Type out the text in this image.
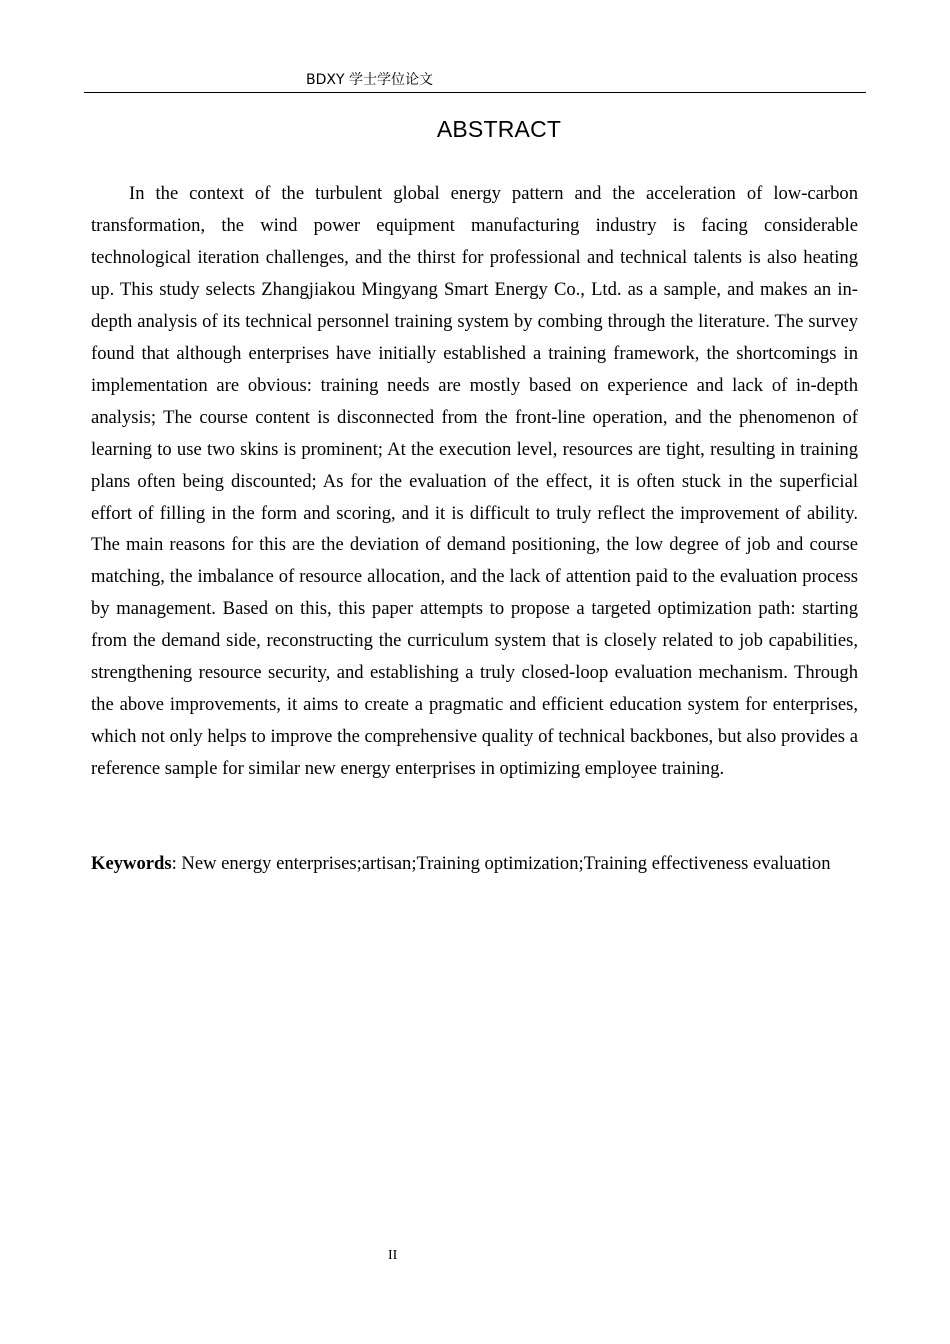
BDXY 学士学位论文
ABSTRACT

In the context of the turbulent global energy pattern and the acceleration of low-carbon transformation, the wind power equipment manufacturing industry is facing considerable technological iteration challenges, and the thirst for professional and technical talents is also heating up. This study selects Zhangjiakou Mingyang Smart Energy Co., Ltd. as a sample, and makes an in-depth analysis of its technical personnel training system by combing through the literature. The survey found that although enterprises have initially established a training framework, the shortcomings in implementation are obvious: training needs are mostly based on experience and lack of in-depth analysis; The course content is disconnected from the front-line operation, and the phenomenon of learning to use two skins is prominent; At the execution level, resources are tight, resulting in training plans often being discounted; As for the evaluation of the effect, it is often stuck in the superficial effort of filling in the form and scoring, and it is difficult to truly reflect the improvement of ability. The main reasons for this are the deviation of demand positioning, the low degree of job and course matching, the imbalance of resource allocation, and the lack of attention paid to the evaluation process by management. Based on this, this paper attempts to propose a targeted optimization path: starting from the demand side, reconstructing the curriculum system that is closely related to job capabilities, strengthening resource security, and establishing a truly closed-loop evaluation mechanism. Through the above improvements, it aims to create a pragmatic and efficient education system for enterprises, which not only helps to improve the comprehensive quality of technical backbones, but also provides a reference sample for similar new energy enterprises in optimizing employee training.

Keywords: New energy enterprises;artisan;Training optimization;Training effectiveness evaluation

II
